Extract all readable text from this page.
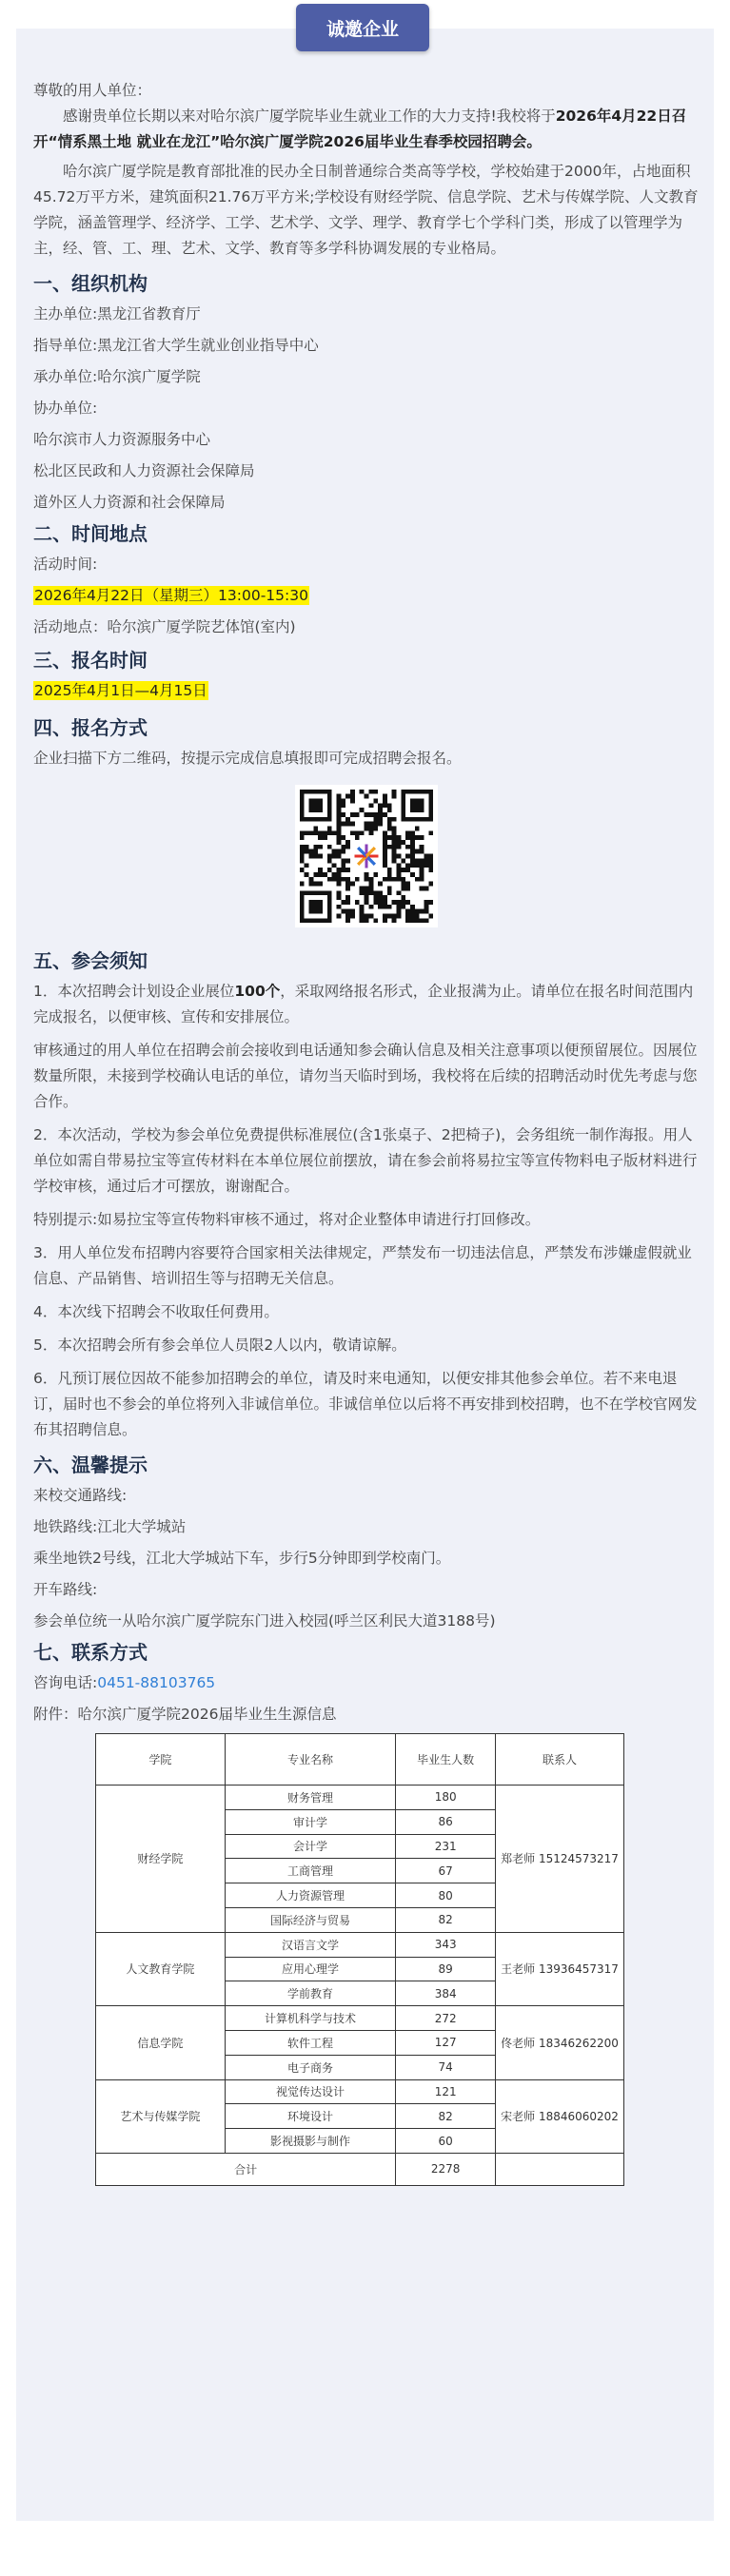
诚邀企业
尊敬的用人单位：
感谢贵单位长期以来对哈尔滨广厦学院毕业生就业工作的大力支持!我校将于2026年4月22日召开“情系黑土地 就业在龙江”哈尔滨广厦学院2026届毕业生春季校园招聘会。
哈尔滨广厦学院是教育部批准的民办全日制普通综合类高等学校，学校始建于2000年，占地面积45.72万平方米，建筑面积21.76万平方米;学校设有财经学院、信息学院、艺术与传媒学院、人文教育学院，涵盖管理学、经济学、工学、艺术学、文学、理学、教育学七个学科门类，形成了以管理学为主，经、管、工、理、艺术、文学、教育等多学科协调发展的专业格局。
一、组织机构
主办单位:黑龙江省教育厅
指导单位:黑龙江省大学生就业创业指导中心
承办单位:哈尔滨广厦学院
协办单位:
哈尔滨市人力资源服务中心
松北区民政和人力资源社会保障局
道外区人力资源和社会保障局
二、时间地点
活动时间:
2026年4月22日（星期三）13:00-15:30
活动地点：哈尔滨广厦学院艺体馆(室内)
三、报名时间
2025年4月1日—4月15日
四、报名方式
企业扫描下方二维码，按提示完成信息填报即可完成招聘会报名。
五、参会须知
1．本次招聘会计划设企业展位100个，采取网络报名形式，企业报满为止。请单位在报名时间范围内完成报名，以便审核、宣传和安排展位。
审核通过的用人单位在招聘会前会接收到电话通知参会确认信息及相关注意事项以便预留展位。因展位数量所限，未接到学校确认电话的单位，请勿当天临时到场，我校将在后续的招聘活动时优先考虑与您合作。
2．本次活动，学校为参会单位免费提供标准展位(含1张桌子、2把椅子)，会务组统一制作海报。用人单位如需自带易拉宝等宣传材料在本单位展位前摆放，请在参会前将易拉宝等宣传物料电子版材料进行学校审核，通过后才可摆放，谢谢配合。
特别提示:如易拉宝等宣传物料审核不通过，将对企业整体申请进行打回修改。
3．用人单位发布招聘内容要符合国家相关法律规定，严禁发布一切违法信息，严禁发布涉嫌虚假就业信息、产品销售、培训招生等与招聘无关信息。
4．本次线下招聘会不收取任何费用。
5．本次招聘会所有参会单位人员限2人以内，敬请谅解。
6．凡预订展位因故不能参加招聘会的单位，请及时来电通知，以便安排其他参会单位。若不来电退订，届时也不参会的单位将列入非诚信单位。非诚信单位以后将不再安排到校招聘，也不在学校官网发布其招聘信息。
六、温馨提示
来校交通路线:
地铁路线:江北大学城站
乘坐地铁2号线，江北大学城站下车，步行5分钟即到学校南门。
开车路线:
参会单位统一从哈尔滨广厦学院东门进入校园(呼兰区利民大道3188号)
七、联系方式
咨询电话:0451-88103765
附件：哈尔滨广厦学院2026届毕业生生源信息
学院	专业名称	毕业生人数	联系人
财经学院	财务管理	180	郑老师 15124573217
	审计学	86	
	会计学	231	
	工商管理	67	
	人力资源管理	80	
	国际经济与贸易	82	
人文教育学院	汉语言文学	343	王老师 13936457317
	应用心理学	89	
	学前教育	384	
信息学院	计算机科学与技术	272	佟老师 18346262200
	软件工程	127	
	电子商务	74	
艺术与传媒学院	视觉传达设计	121	宋老师 18846060202
	环境设计	82	
	影视摄影与制作	60	
合计		2278	
